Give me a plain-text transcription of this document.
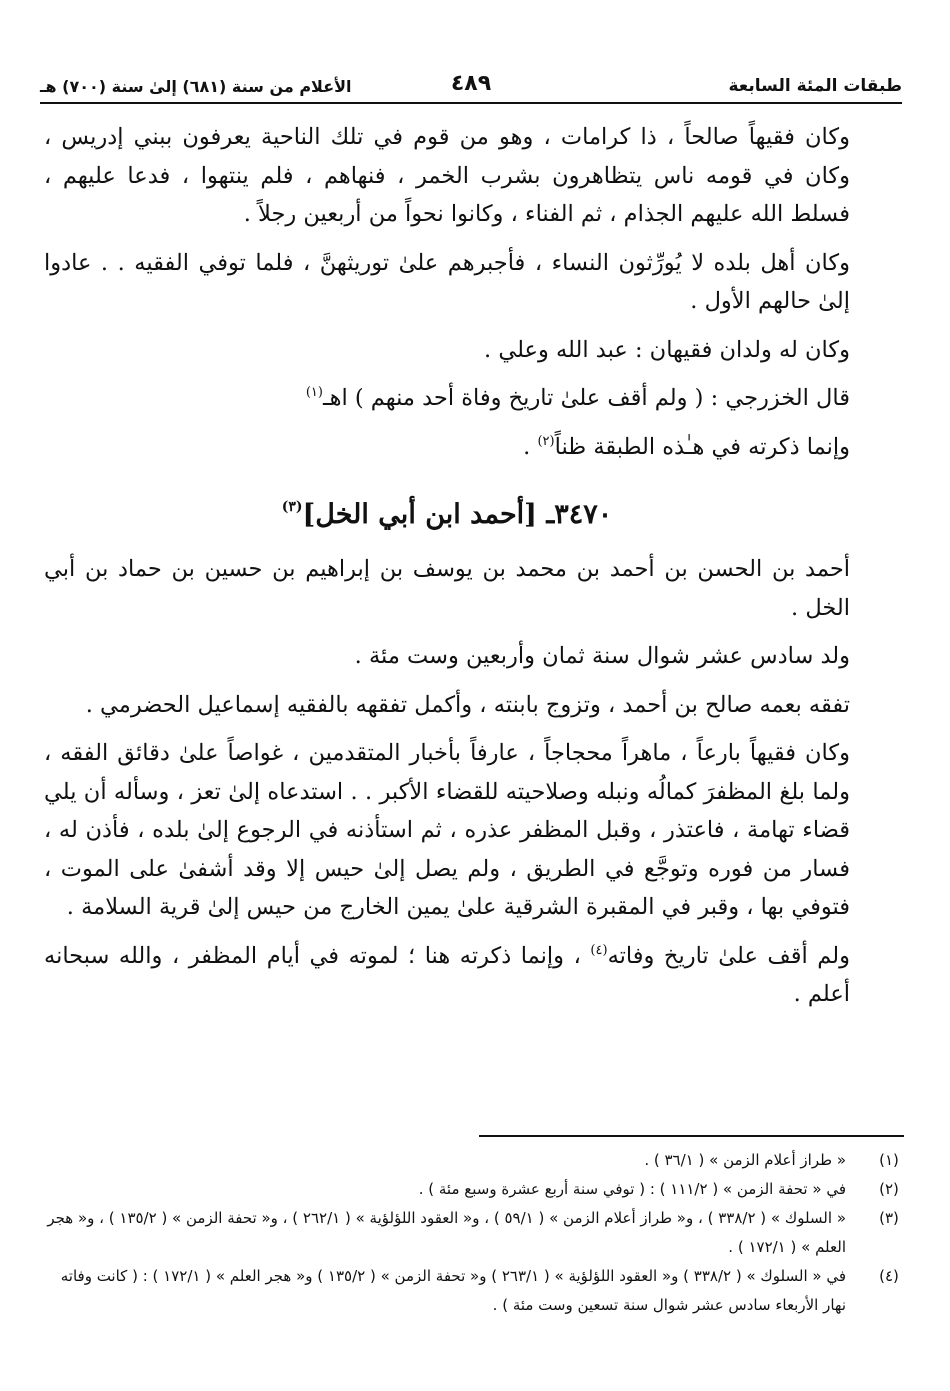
طبقات المئة السابعة
٤٨٩
الأعلام من سنة (٦٨١) إلىٰ سنة (٧٠٠) هـ

وكان فقيهاً صالحاً ، ذا كرامات ، وهو من قوم في تلك الناحية يعرفون ببني إدريس ، وكان في قومه ناس يتظاهرون بشرب الخمر ، فنهاهم ، فلم ينتهوا ، فدعا عليهم ، فسلط الله عليهم الجذام ، ثم الفناء ، وكانوا نحواً من أربعين رجلاً .

وكان أهل بلده لا يُورِّثون النساء ، فأجبرهم علىٰ توريثهنَّ ، فلما توفي الفقيه . . عادوا إلىٰ حالهم الأول .

وكان له ولدان فقيهان : عبد الله وعلي .

قال الخزرجي : ( ولم أقف علىٰ تاريخ وفاة أحد منهم ) اهـ$^{(١)}$

وإنما ذكرته في هـٰذه الطبقة ظناً$^{(٢)}$ .

٣٤٧٠ـ [أحمد ابن أبي الخل]$^{(٣)}$

أحمد بن الحسن بن أحمد بن محمد بن يوسف بن إبراهيم بن حسين بن حماد بن أبي الخل .

ولد سادس عشر شوال سنة ثمان وأربعين وست مئة .

تفقه بعمه صالح بن أحمد ، وتزوج بابنته ، وأكمل تفقهه بالفقيه إسماعيل الحضرمي .

وكان فقيهاً بارعاً ، ماهراً محجاجاً ، عارفاً بأخبار المتقدمين ، غواصاً علىٰ دقائق الفقه ، ولما بلغ المظفرَ كمالُه ونبله وصلاحيته للقضاء الأكبر . . استدعاه إلىٰ تعز ، وسأله أن يلي قضاء تهامة ، فاعتذر ، وقبل المظفر عذره ، ثم استأذنه في الرجوع إلىٰ بلده ، فأذن له ، فسار من فوره وتوجَّع في الطريق ، ولم يصل إلىٰ حيس إلا وقد أشفىٰ على الموت ، فتوفي بها ، وقبر في المقبرة الشرقية علىٰ يمين الخارج من حيس إلىٰ قرية السلامة .

ولم أقف علىٰ تاريخ وفاته$^{(٤)}$ ، وإنما ذكرته هنا ؛ لموته في أيام المظفر ، والله سبحانه أعلم .

(١)
« طراز أعلام الزمن » ( ٣٦/١ ) .

(٢)
في « تحفة الزمن » ( ١١١/٢ ) : ( توفي سنة أربع عشرة وسبع مئة ) .

(٣)
« السلوك » ( ٣٣٨/٢ ) ، و« طراز أعلام الزمن » ( ٥٩/١ ) ، و« العقود اللؤلؤية » ( ٢٦٢/١ ) ، و« تحفة الزمن » ( ١٣٥/٢ ) ، و« هجر العلم » ( ١٧٢/١ ) .

(٤)
في « السلوك » ( ٣٣٨/٢ ) و« العقود اللؤلؤية » ( ٢٦٣/١ ) و« تحفة الزمن » ( ١٣٥/٢ ) و« هجر العلم » ( ١٧٢/١ ) : ( كانت وفاته نهار الأربعاء سادس عشر شوال سنة تسعين وست مئة ) .
